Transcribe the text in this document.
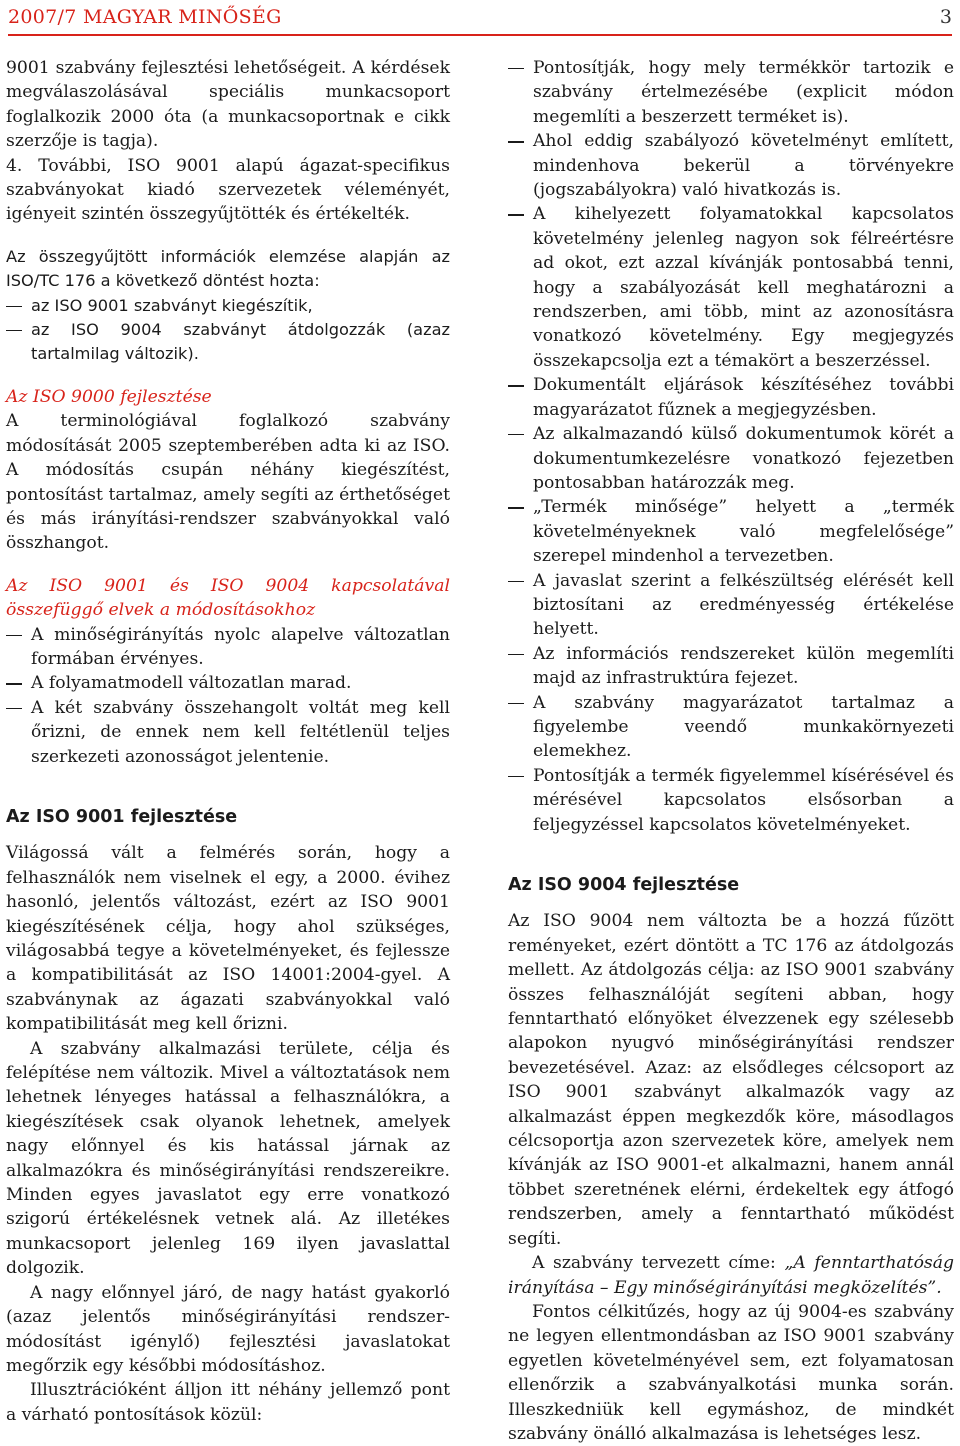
2007/7 MAGYAR MINŐSÉG	3

9001 szabvány fejlesztési lehetőségeit. A kérdések megválaszolásával speciális munkacsoport foglalkozik 2000 óta (a munkacsoportnak e cikk szerzője is tagja).

4. További, ISO 9001 alapú ágazat-specifikus szabványokat kiadó szervezetek véleményét, igényeit szintén összegyűjtötték és értékelték.

Az összegyűjtött információk elemzése alapján az ISO/TC 176 a következő döntést hozta:

az ISO 9001 szabványt kiegészítik,
az ISO 9004 szabványt átdolgozzák (azaz tartalmilag változik).

Az ISO 9000 fejlesztése

A terminológiával foglalkozó szabvány módosítását 2005 szeptemberében adta ki az ISO. A módosítás csupán néhány kiegészítést, pontosítást tartalmaz, amely segíti az érthetőséget és más irányítási-rendszer szabványokkal való összhangot.

Az ISO 9001 és ISO 9004 kapcsolatával összefüggő elvek a módosításokhoz

A minőségirányítás nyolc alapelve változatlan formában érvényes.
A folyamatmodell változatlan marad.
A két szabvány összehangolt voltát meg kell őrizni, de ennek nem kell feltétlenül teljes szerkezeti azonosságot jelentenie.

Az ISO 9001 fejlesztése

Világossá vált a felmérés során, hogy a felhasználók nem viselnek el egy, a 2000. évihez hasonló, jelentős változást, ezért az ISO 9001 kiegészítésének célja, hogy ahol szükséges, világosabbá tegye a követelményeket, és fejlessze a kompatibilitását az ISO 14001:2004-gyel. A szabványnak az ágazati szabványokkal való kompatibilitását meg kell őrizni.

A szabvány alkalmazási területe, célja és felépítése nem változik. Mivel a változtatások nem lehetnek lényeges hatással a felhasználókra, a kiegészítések csak olyanok lehetnek, amelyek nagy előnnyel és kis hatással járnak az alkalmazókra és minőségirányítási rendszereikre. Minden egyes javaslatot egy erre vonatkozó szigorú értékelésnek vetnek alá. Az illetékes munkacsoport jelenleg 169 ilyen javaslattal dolgozik.

A nagy előnnyel járó, de nagy hatást gyakorló (azaz jelentős minőségirányítási rendszer-módosítást igénylő) fejlesztési javaslatokat megőrzik egy későbbi módosításhoz.

Illusztrációként álljon itt néhány jellemző pont a várható pontosítások közül:

Pontosítják, hogy mely termékkör tartozik e szabvány értelmezésébe (explicit módon megemlíti a beszerzett terméket is).
Ahol eddig szabályozó követelményt említett, mindenhova bekerül a törvényekre (jogszabályokra) való hivatkozás is.
A kihelyezett folyamatokkal kapcsolatos követelmény jelenleg nagyon sok félreértésre ad okot, ezt azzal kívánják pontosabbá tenni, hogy a szabályozását kell meghatározni a rendszerben, ami több, mint az azonosításra vonatkozó követelmény. Egy megjegyzés összekapcsolja ezt a témakört a beszerzéssel.
Dokumentált eljárások készítéséhez további magyarázatot fűznek a megjegyzésben.
Az alkalmazandó külső dokumentumok körét a dokumentumkezelésre vonatkozó fejezetben pontosabban határozzák meg.
„Termék minősége” helyett a „termék követelményeknek való megfelelősége” szerepel mindenhol a tervezetben.
A javaslat szerint a felkészültség elérését kell biztosítani az eredményesség értékelése helyett.
Az információs rendszereket külön megemlíti majd az infrastruktúra fejezet.
A szabvány magyarázatot tartalmaz a figyelembe veendő munkakörnyezeti elemekhez.
Pontosítják a termék figyelemmel kísérésével és mérésével kapcsolatos elsősorban a feljegyzéssel kapcsolatos követelményeket.

Az ISO 9004 fejlesztése

Az ISO 9004 nem változta be a hozzá fűzött reményeket, ezért döntött a TC 176 az átdolgozás mellett. Az átdolgozás célja: az ISO 9001 szabvány összes felhasználóját segíteni abban, hogy fenntartható előnyöket élvezzenek egy szélesebb alapokon nyugvó minőségirányítási rendszer bevezetésével. Azaz: az elsődleges célcsoport az ISO 9001 szabványt alkalmazók vagy az alkalmazást éppen megkezdők köre, másodlagos célcsoportja azon szervezetek köre, amelyek nem kívánják az ISO 9001-et alkalmazni, hanem annál többet szeretnének elérni, érdekeltek egy átfogó rendszerben, amely a fenntartható működést segíti.

A szabvány tervezett címe: „A fenntarthatóság irányítása – Egy minőségirányítási megközelítés”.

Fontos célkitűzés, hogy az új 9004-es szabvány ne legyen ellentmondásban az ISO 9001 szabvány egyetlen követelményével sem, ezt folyamatosan ellenőrzik a szabványalkotási munka során. Illeszkedniük kell egymáshoz, de mindkét szabvány önálló alkalmazása is lehetséges lesz.
